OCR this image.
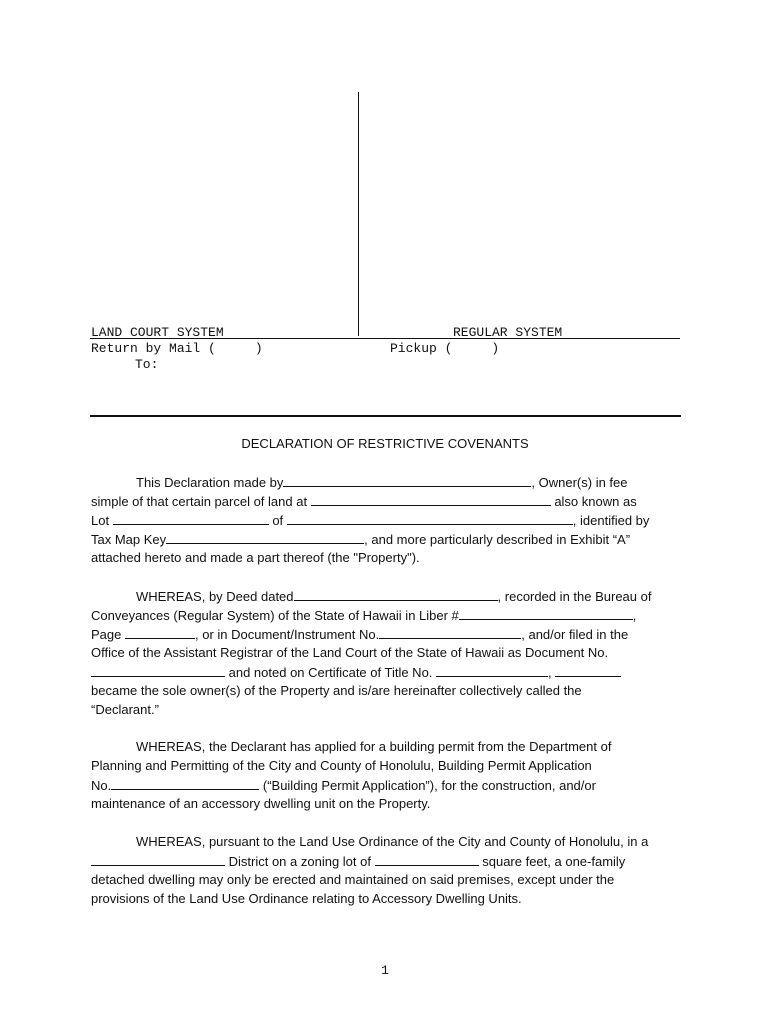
LAND COURT SYSTEM	REGULAR SYSTEM
Return by Mail (     )	Pickup (     )
To:
DECLARATION OF RESTRICTIVE COVENANTS
This Declaration made by	, Owner(s) in fee
simple of that certain parcel of land at	also known as
Lot	of	, identified by
Tax Map Key	, and more particularly described in Exhibit “A”
attached hereto and made a part thereof (the "Property").
WHEREAS, by Deed dated	, recorded in the Bureau of
Conveyances (Regular System) of the State of Hawaii in Liber #	,
Page	, or in Document/Instrument No.	, and/or filed in the
Office of the Assistant Registrar of the Land Court of the State of Hawaii as Document No.
and noted on Certificate of Title No.	,
became the sole owner(s) of the Property and is/are hereinafter collectively called the
“Declarant.”
WHEREAS, the Declarant has applied for a building permit from the Department of
Planning and Permitting of the City and County of Honolulu, Building Permit Application
No.	(“Building Permit Application”), for the construction, and/or
maintenance of an accessory dwelling unit on the Property.
WHEREAS, pursuant to the Land Use Ordinance of the City and County of Honolulu, in a
District on a zoning lot of	square feet, a one-family
detached dwelling may only be erected and maintained on said premises, except under the
provisions of the Land Use Ordinance relating to Accessory Dwelling Units.
1
